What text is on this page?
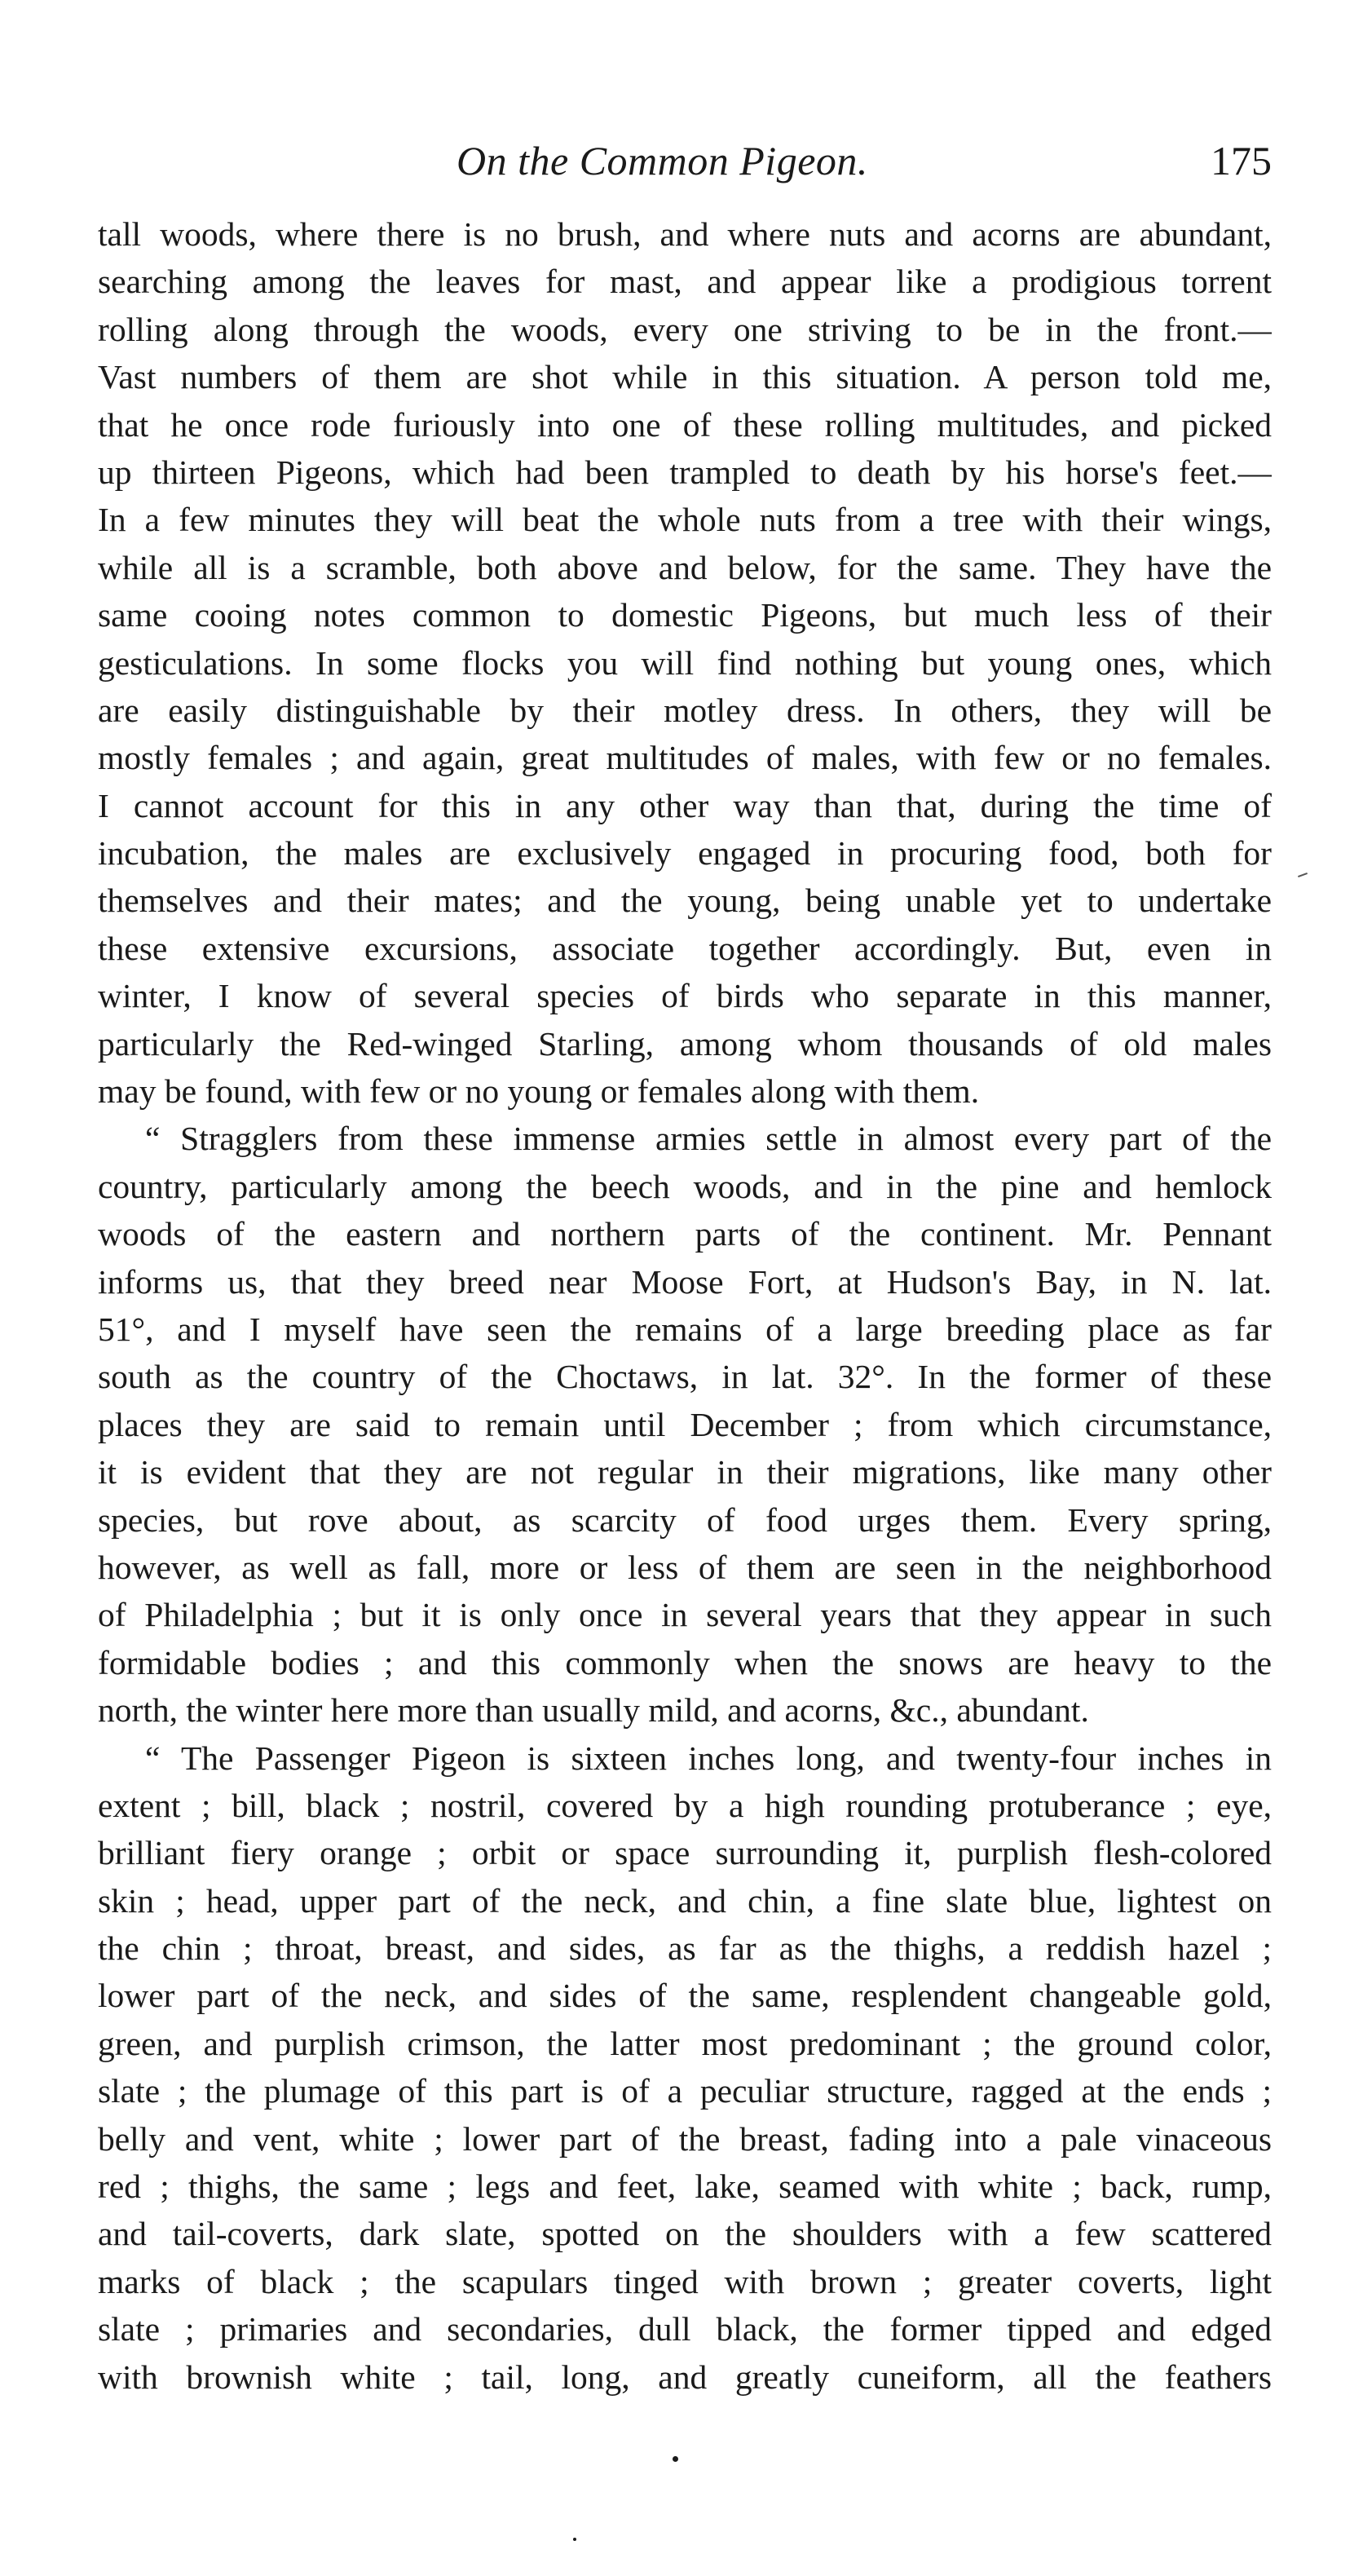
On the Common Pigeon.	175
tall woods, where there is no brush, and where nuts and acorns are abundant,
searching among the leaves for mast, and appear like a prodigious torrent
rolling along through the woods, every one striving to be in the front.—
Vast numbers of them are shot while in this situation. A person told me,
that he once rode furiously into one of these rolling multitudes, and picked
up thirteen Pigeons, which had been trampled to death by his horse's feet.—
In a few minutes they will beat the whole nuts from a tree with their wings,
while all is a scramble, both above and below, for the same. They have the
same cooing notes common to domestic Pigeons, but much less of their
gesticulations. In some flocks you will find nothing but young ones, which
are easily distinguishable by their motley dress. In others, they will be
mostly females ; and again, great multitudes of males, with few or no females.
I cannot account for this in any other way than that, during the time of
incubation, the males are exclusively engaged in procuring food, both for
themselves and their mates; and the young, being unable yet to undertake
these extensive excursions, associate together accordingly. But, even in
winter, I know of several species of birds who separate in this manner,
particularly the Red-winged Starling, among whom thousands of old males
may be found, with few or no young or females along with them.
“ Stragglers from these immense armies settle in almost every part of the
country, particularly among the beech woods, and in the pine and hemlock
woods of the eastern and northern parts of the continent. Mr. Pennant
informs us, that they breed near Moose Fort, at Hudson's Bay, in N. lat.
51°, and I myself have seen the remains of a large breeding place as far
south as the country of the Choctaws, in lat. 32°. In the former of these
places they are said to remain until December ; from which circumstance,
it is evident that they are not regular in their migrations, like many other
species, but rove about, as scarcity of food urges them. Every spring,
however, as well as fall, more or less of them are seen in the neighborhood
of Philadelphia ; but it is only once in several years that they appear in such
formidable bodies ; and this commonly when the snows are heavy to the
north, the winter here more than usually mild, and acorns, &c., abundant.
“ The Passenger Pigeon is sixteen inches long, and twenty-four inches in
extent ; bill, black ; nostril, covered by a high rounding protuberance ; eye,
brilliant fiery orange ; orbit or space surrounding it, purplish flesh-colored
skin ; head, upper part of the neck, and chin, a fine slate blue, lightest on
the chin ; throat, breast, and sides, as far as the thighs, a reddish hazel ;
lower part of the neck, and sides of the same, resplendent changeable gold,
green, and purplish crimson, the latter most predominant ; the ground color,
slate ; the plumage of this part is of a peculiar structure, ragged at the ends ;
belly and vent, white ; lower part of the breast, fading into a pale vinaceous
red ; thighs, the same ; legs and feet, lake, seamed with white ; back, rump,
and tail-coverts, dark slate, spotted on the shoulders with a few scattered
marks of black ; the scapulars tinged with brown ; greater coverts, light
slate ; primaries and secondaries, dull black, the former tipped and edged
with brownish white ; tail, long, and greatly cuneiform, all the feathers
